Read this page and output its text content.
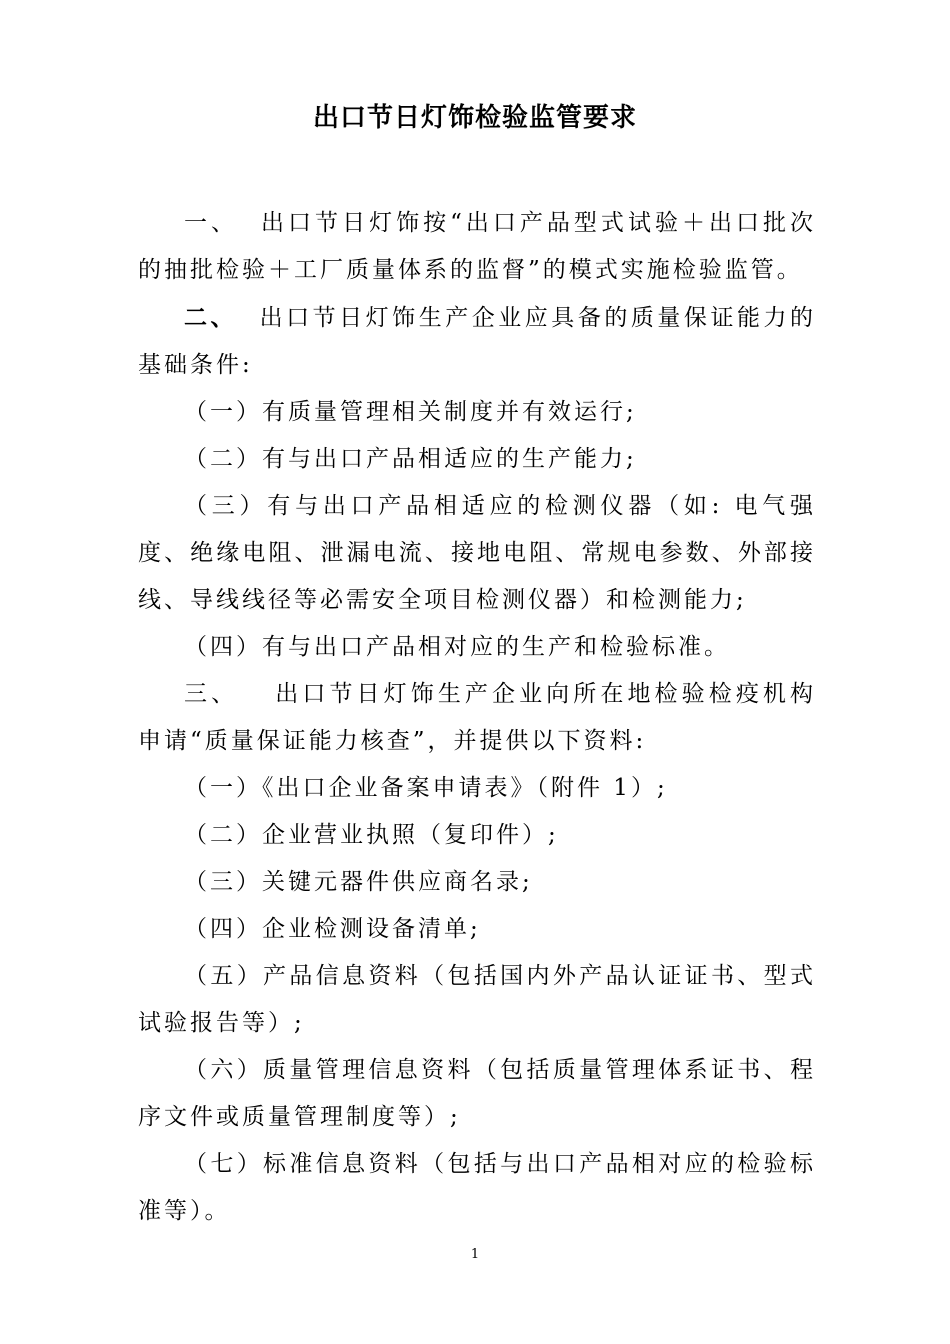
出口节日灯饰检验监管要求

一、 出口节日灯饰按“出口产品型式试验＋出口批次的抽批检验＋工厂质量体系的监督”的模式实施检验监管。

二、 出口节日灯饰生产企业应具备的质量保证能力的基础条件:

（一）有质量管理相关制度并有效运行;

（二）有与出口产品相适应的生产能力;

（三）有与出口产品相适应的检测仪器（如: 电气强度、绝缘电阻、泄漏电流、接地电阻、常规电参数、外部接线、导线线径等必需安全项目检测仪器）和检测能力;

（四）有与出口产品相对应的生产和检验标准。

三、 出口节日灯饰生产企业向所在地检验检疫机构申请“质量保证能力核查”，并提供以下资料:

（一）《出口企业备案申请表》（附件 1）;

（二）企业营业执照（复印件）;

（三）关键元器件供应商名录;

（四）企业检测设备清单;

（五）产品信息资料（包括国内外产品认证证书、型式试验报告等）;

（六）质量管理信息资料（包括质量管理体系证书、程序文件或质量管理制度等）;

（七）标准信息资料（包括与出口产品相对应的检验标准等）。

1
